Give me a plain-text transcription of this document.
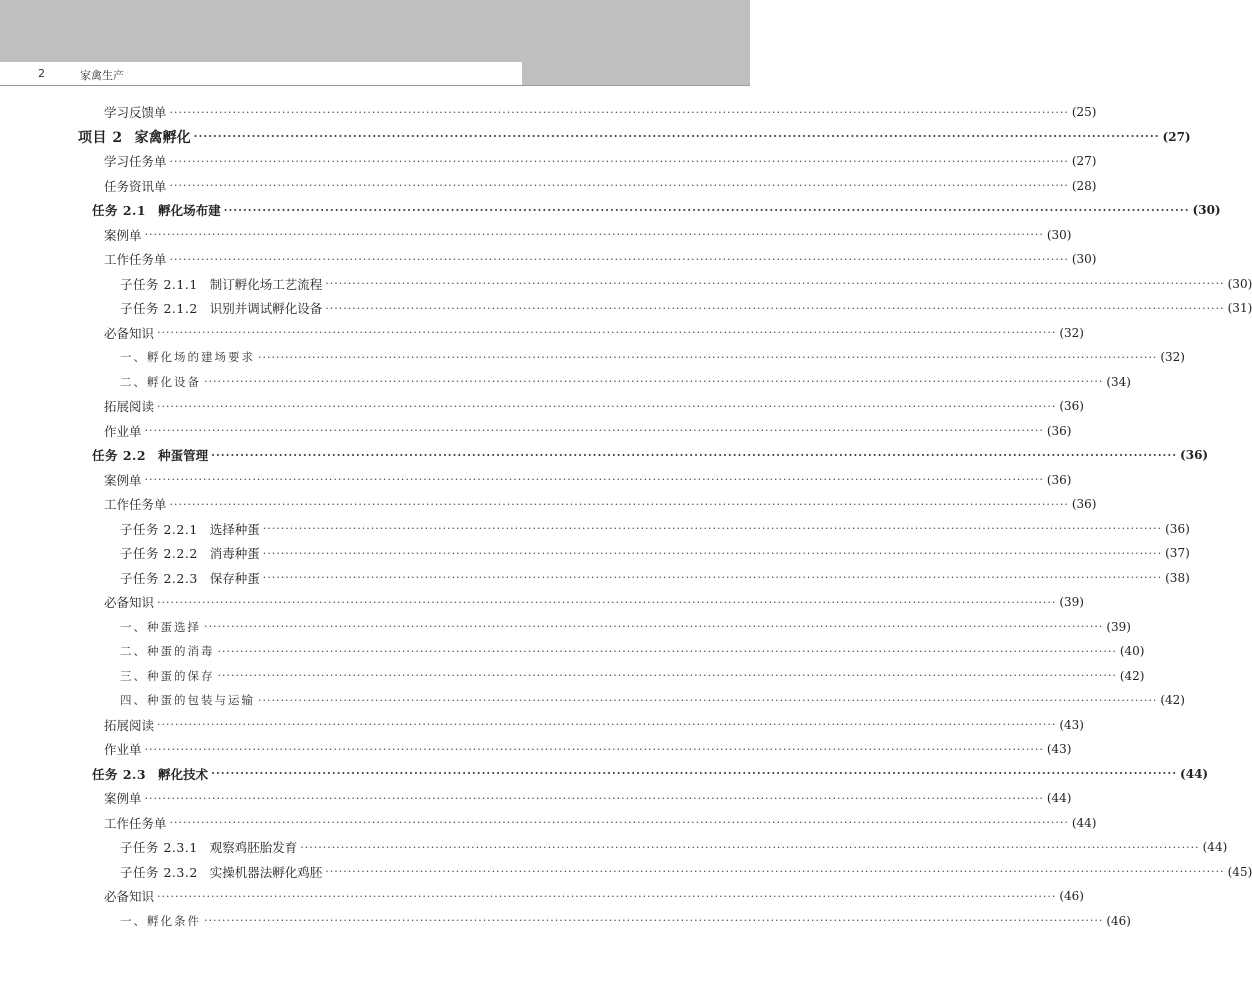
2	家禽生产
学习反馈单 ········································································································································································································ (25)
项目 2 家禽孵化 ········································································································································································································ (27)
学习任务单 ········································································································································································································ (27)
任务资讯单 ········································································································································································································ (28)
任务 2.1 孵化场布建 ········································································································································································································ (30)
案例单 ········································································································································································································ (30)
工作任务单 ········································································································································································································ (30)
子任务 2.1.1 制订孵化场工艺流程 ········································································································································································································ (30)
子任务 2.1.2 识别并调试孵化设备 ········································································································································································································ (31)
必备知识 ········································································································································································································ (32)
一、孵化场的建场要求 ········································································································································································································ (32)
二、孵化设备 ········································································································································································································ (34)
拓展阅读 ········································································································································································································ (36)
作业单 ········································································································································································································ (36)
任务 2.2 种蛋管理 ········································································································································································································ (36)
案例单 ········································································································································································································ (36)
工作任务单 ········································································································································································································ (36)
子任务 2.2.1 选择种蛋 ········································································································································································································ (36)
子任务 2.2.2 消毒种蛋 ········································································································································································································ (37)
子任务 2.2.3 保存种蛋 ········································································································································································································ (38)
必备知识 ········································································································································································································ (39)
一、种蛋选择 ········································································································································································································ (39)
二、种蛋的消毒 ········································································································································································································ (40)
三、种蛋的保存 ········································································································································································································ (42)
四、种蛋的包装与运输 ········································································································································································································ (42)
拓展阅读 ········································································································································································································ (43)
作业单 ········································································································································································································ (43)
任务 2.3 孵化技术 ········································································································································································································ (44)
案例单 ········································································································································································································ (44)
工作任务单 ········································································································································································································ (44)
子任务 2.3.1 观察鸡胚胎发育 ········································································································································································································ (44)
子任务 2.3.2 实操机器法孵化鸡胚 ········································································································································································································ (45)
必备知识 ········································································································································································································ (46)
一、孵化条件 ········································································································································································································ (46)
